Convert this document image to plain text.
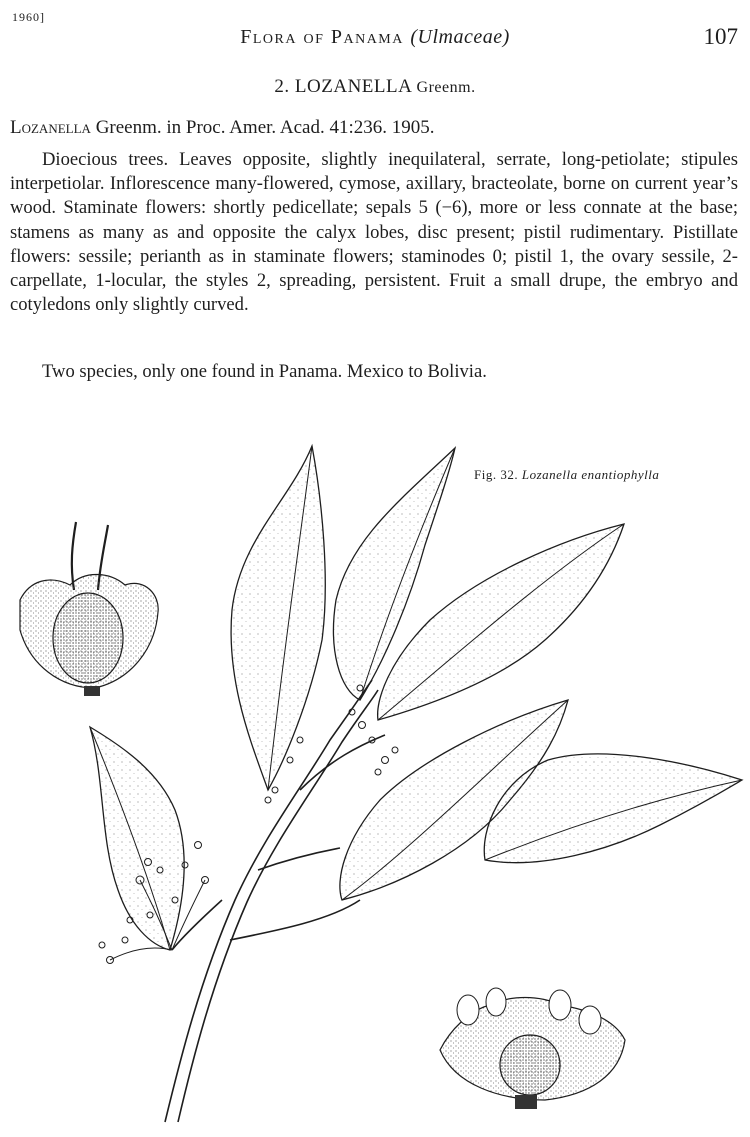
1960]
Flora of Panama (Ulmaceae)	107
2. LOZANELLA Greenm.
Lozanella Greenm. in Proc. Amer. Acad. 41:236. 1905.

Dioecious trees. Leaves opposite, slightly inequilateral, serrate, long-petiolate; stipules interpetiolar. Inflorescence many-flowered, cymose, axillary, bracteolate, borne on current year’s wood. Staminate flowers: shortly pedicellate; sepals 5 (−6), more or less connate at the base; stamens as many as and opposite the calyx lobes, disc present; pistil rudimentary. Pistillate flowers: sessile; perianth as in staminate flowers; staminodes 0; pistil 1, the ovary sessile, 2-carpellate, 1-locular, the styles 2, spreading, persistent. Fruit a small drupe, the embryo and cotyledons only slightly curved.

Two species, only one found in Panama. Mexico to Bolivia.

Fig. 32. Lozanella enantiophylla
